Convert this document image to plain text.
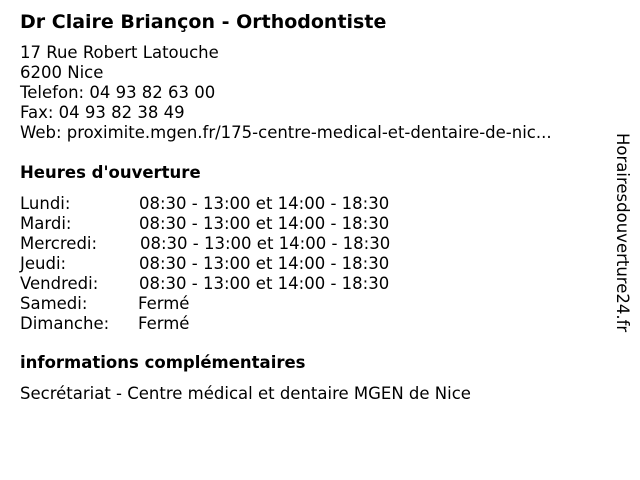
Dr Claire Briançon - Orthodontiste
17 Rue Robert Latouche
6200 Nice
Telefon: 04 93 82 63 00
Fax: 04 93 82 38 49
Web: proximite.mgen.fr/175-centre-medical-et-dentaire-de-nic...
Heures d'ouverture
Lundi:	08:30 - 13:00 et 14:00 - 18:30
Mardi:	08:30 - 13:00 et 14:00 - 18:30
Mercredi:	08:30 - 13:00 et 14:00 - 18:30
Jeudi:	08:30 - 13:00 et 14:00 - 18:30
Vendredi: 08:30 - 13:00 et 14:00 - 18:30
Samedi:	Fermé
Dimanche: Fermé
informations complémentaires
Secrétariat - Centre médical et dentaire MGEN de Nice
Horairesdouverture24.fr
